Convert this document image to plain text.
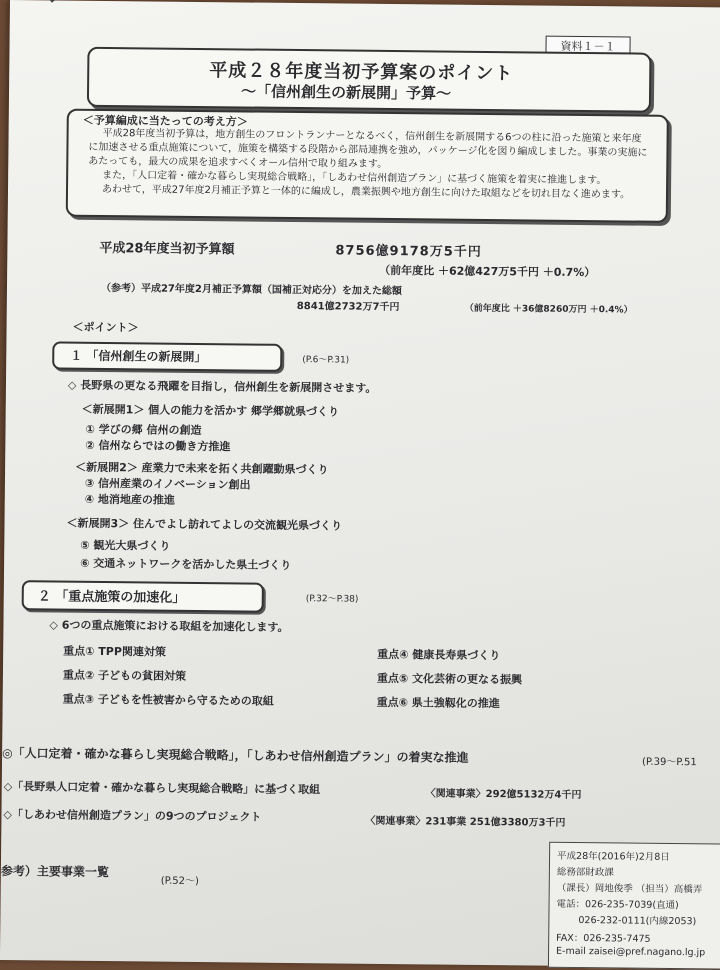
資料１－１
平成２８年度当初予算案のポイント
～「信州創生の新展開」予算～
＜予算編成に当たっての考え方＞
平成28年度当初予算は，地方創生のフロントランナーとなるべく，信州創生を新展開する6つの柱に沿った施策と来年度に加速させる重点施策について，施策を構築する段階から部局連携を強め，パッケージ化を図り編成しました。事業の実施にあたっても，最大の成果を追求すべくオール信州で取り組みます。
また，「人口定着・確かな暮らし実現総合戦略」，「しあわせ信州創造プラン」に基づく施策を着実に推進します。
あわせて，平成27年度2月補正予算と一体的に編成し，農業振興や地方創生に向けた取組などを切れ目なく進めます。
平成28年度当初予算額	8756億9178万5千円
（前年度比 ＋62億427万5千円 ＋0.7%）
（参考）平成27年度2月補正予算額（国補正対応分）を加えた総額
8841億2732万7千円	（前年度比 ＋36億8260万円 ＋0.4%）
＜ポイント＞
１ 「信州創生の新展開」	(P.6～P.31)
◇ 長野県の更なる飛躍を目指し，信州創生を新展開させます。
＜新展開1＞ 個人の能力を活かす 郷学郷就県づくり
① 学びの郷 信州の創造
② 信州ならではの働き方推進
＜新展開2＞ 産業力で未来を拓く共創躍動県づくり
③ 信州産業のイノベーション創出
④ 地消地産の推進
＜新展開3＞ 住んでよし訪れてよしの交流観光県づくり
⑤ 観光大県づくり
⑥ 交通ネットワークを活かした県土づくり
２ 「重点施策の加速化」	(P.32～P.38)
◇ 6つの重点施策における取組を加速化します。
重点① TPP関連対策
重点② 子どもの貧困対策
重点③ 子どもを性被害から守るための取組
重点④ 健康長寿県づくり
重点⑤ 文化芸術の更なる振興
重点⑥ 県土強靱化の推進
◎「人口定着・確かな暮らし実現総合戦略」，「しあわせ信州創造プラン」の着実な推進	(P.39～P.51
◇「長野県人口定着・確かな暮らし実現総合戦略」に基づく取組	〈関連事業〉292億5132万4千円
◇「しあわせ信州創造プラン」の9つのプロジェクト	〈関連事業〉231事業 251億3380万3千円
参考）主要事業一覧
(P.52～)
平成28年(2016年)2月8日
総務部財政課
（課長）岡地俊季 （担当）高橋弄
電話：026-235-7039(直通)
026-232-0111(内線2053)
FAX：026-235-7475
E-mail zaisei@pref.nagano.lg.jp
